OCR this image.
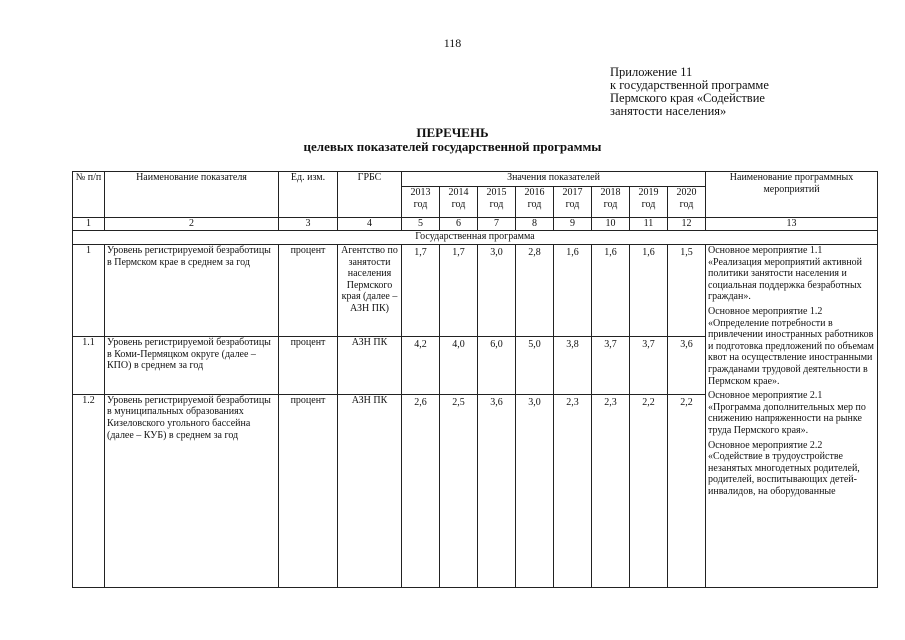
118
Приложение 11
к государственной программе
Пермского края «Содействие
занятости населения»
ПЕРЕЧЕНЬ
целевых показателей государственной программы
№ п/п	Наименование показателя	Ед. изм.	ГРБС	Значения показателей								Наименование программных мероприятий
				2013 год	2014 год	2015 год	2016 год	2017 год	2018 год	2019 год	2020 год	
1	2	3	4	5	6	7	8	9	10	11	12	13
Государственная программа												
1	Уровень регистрируемой безработицы в Пермском крае в среднем за год	процент	Агентство по занятости населения Пермского края (далее – АЗН ПК)	1,7	1,7	3,0	2,8	1,6	1,6	1,6	1,5	Основное мероприятие 1.1 «Реализация мероприятий активной политики занятости населения и социальная поддержка безработных граждан».

Основное мероприятие 1.2 «Определение потребности в привлечении иностранных работников и подготовка предложений по объемам квот на осуществление иностранными гражданами трудовой деятельности в Пермском крае».

Основное мероприятие 2.1 «Программа дополнительных мер по снижению напряженности на рынке труда Пермского края».

Основное мероприятие 2.2 «Содействие в трудоустройстве незанятых многодетных родителей, родителей, воспитывающих детей-инвалидов, на оборудованные

1.1	Уровень регистрируемой безработицы в Коми-Пермяцком округе (далее – КПО) в среднем за год	процент	АЗН ПК	4,2	4,0	6,0	5,0	3,8	3,7	3,7	3,6	
1.2	Уровень регистрируемой безработицы в муниципальных образованиях Кизеловского угольного бассейна (далее – КУБ) в среднем за год	процент	АЗН ПК	2,6	2,5	3,6	3,0	2,3	2,3	2,2	2,2	
